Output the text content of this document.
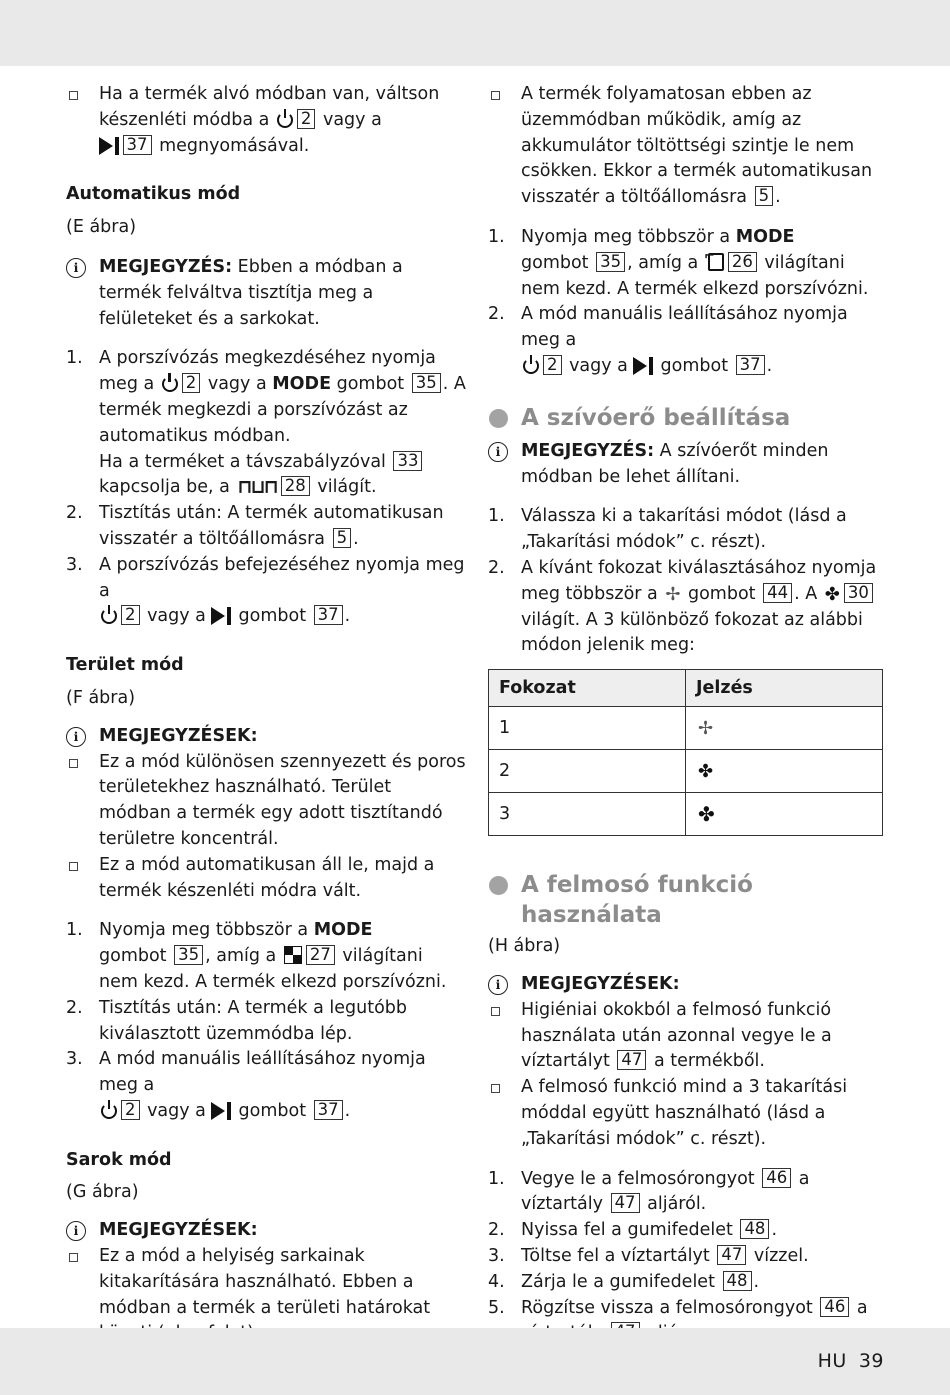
Ha a termék alvó módban van, váltson készenléti módba a 2 vagy a
37 megnyomásával.
Automatikus mód
(E ábra)
i	MEGJEGYZÉS: Ebben a módban a termék felváltva tisztítja meg a felületeket és a sarkokat.
1. A porszívózás megkezdéséhez nyomja meg a 2 vagy a MODE gombot 35 . A termék megkezdi a porszívózást az automatikus módban.
Ha a terméket a távszabályzóval 33 kapcsolja be, a ⊓⊔⊓ 28 világít.
2. Tisztítás után: A termék automatikusan visszatér a töltőállomásra 5 .
3. A porszívózás befejezéséhez nyomja meg a
2 vagy a  gombot 37 .
Terület mód
(F ábra)
i	MEGJEGYZÉSEK:
Ez a mód különösen szennyezett és poros területekhez használható. Terület módban a termék egy adott tisztítandó területre koncentrál.
Ez a mód automatikusan áll le, majd a termék készenléti módra vált.
1. Nyomja meg többször a MODE
gombot 35 , amíg a 27 világítani nem kezd. A termék elkezd porszívózni.
2. Tisztítás után: A termék a legutóbb kiválasztott üzemmódba lép.
3. A mód manuális leállításához nyomja meg a
2 vagy a  gombot 37 .
Sarok mód
(G ábra)
i	MEGJEGYZÉSEK:
Ez a mód a helyiség sarkainak kitakarítására használható. Ebben a módban a termék a területi határokat
A termék folyamatosan ebben az üzemmódban működik, amíg az akkumulátor töltöttségi szintje le nem csökken. Ekkor a termék automatikusan visszatér a töltőállomásra 5 .
1. Nyomja meg többször a MODE
gombot 35 , amíg a ⌐ 26 világítani nem kezd. A termék elkezd porszívózni.
2. A mód manuális leállításához nyomja meg a
2 vagy a  gombot 37 .
A szívóerő beállítása
i	MEGJEGYZÉS: A szívóerőt minden módban be lehet állítani.
1. Válassza ki a takarítási módot (lásd a „Takarítási módok” c. részt).
2. A kívánt fokozat kiválasztásához nyomja meg többször a ✢ gombot 44 . A ✤ 30 világít. A 3 különböző fokozat az alábbi módon jelenik meg:
Fokozat	Jelzés
1	✢
2	✤
3	✤
A felmosó funkció használata
(H ábra)
i	MEGJEGYZÉSEK:
Higiéniai okokból a felmosó funkció használata után azonnal vegye le a víztartályt 47 a termékből.
A felmosó funkció mind a 3 takarítási móddal együtt használható (lásd a „Takarítási módok” c. részt).
1. Vegye le a felmosórongyot 46 a víztartály 47 aljáról.
2. Nyissa fel a gumifedelet 48 .
3. Töltse fel a víztartályt 47 vízzel.
4. Zárja le a gumifedelet 48 .
5. Rögzítse vissza a felmosórongyot 46 a
HU 39
